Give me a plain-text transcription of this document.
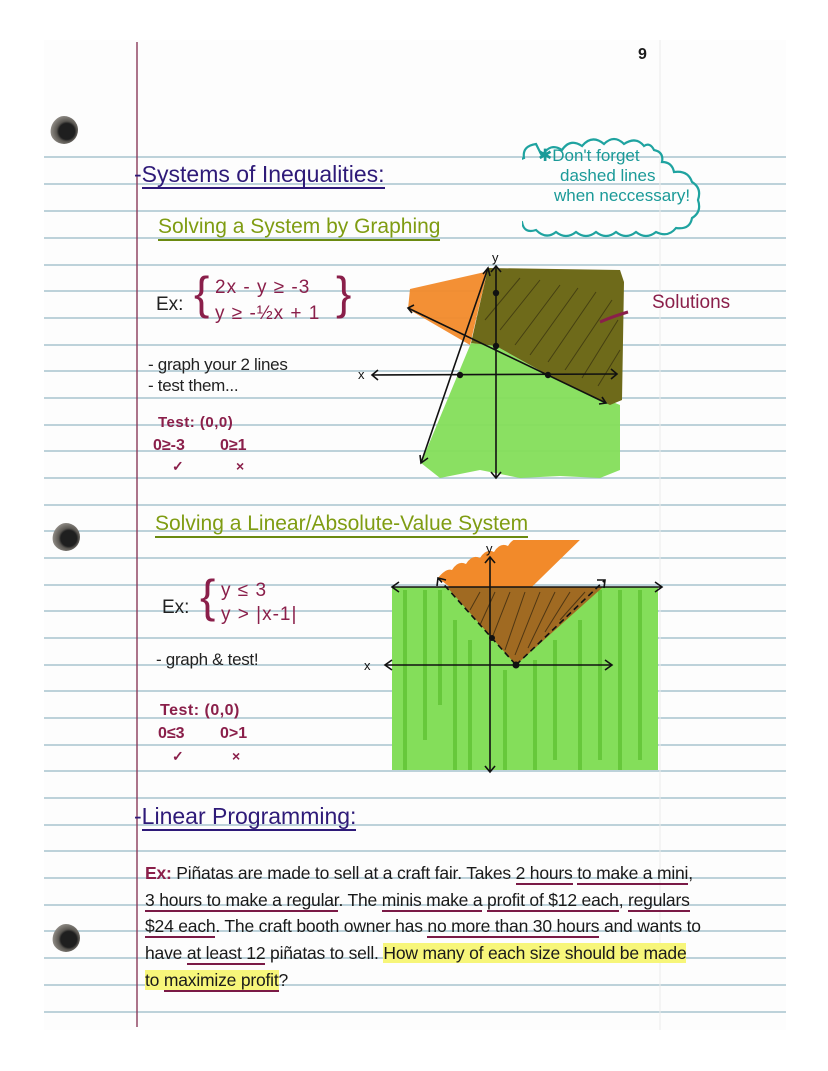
9
-Systems of Inequalities:
✱Don't forget
dashed lines
when neccessary!
Solving a System by Graphing
Ex: { 2x - y ≥ -3
y ≥ -½x + 1 }
- graph your 2 lines
- test them...
Test: (0,0)
0≥-3 0≥1
✓	×
x
y
Solutions
Solving a Linear/Absolute-Value System
Ex: { y ≤ 3
y > |x-1|
- graph & test!
Test: (0,0)
0≤3 0>1
✓	×
x
y
-Linear Programming:
Ex: Piñatas are made to sell at a craft fair. Takes 2 hours to make a mini, 3 hours to make a regular. The minis make a profit of $12 each, regulars $24 each. The craft booth owner has no more than 30 hours and wants to have at least 12 piñatas to sell. How many of each size should be made to maximize profit?
